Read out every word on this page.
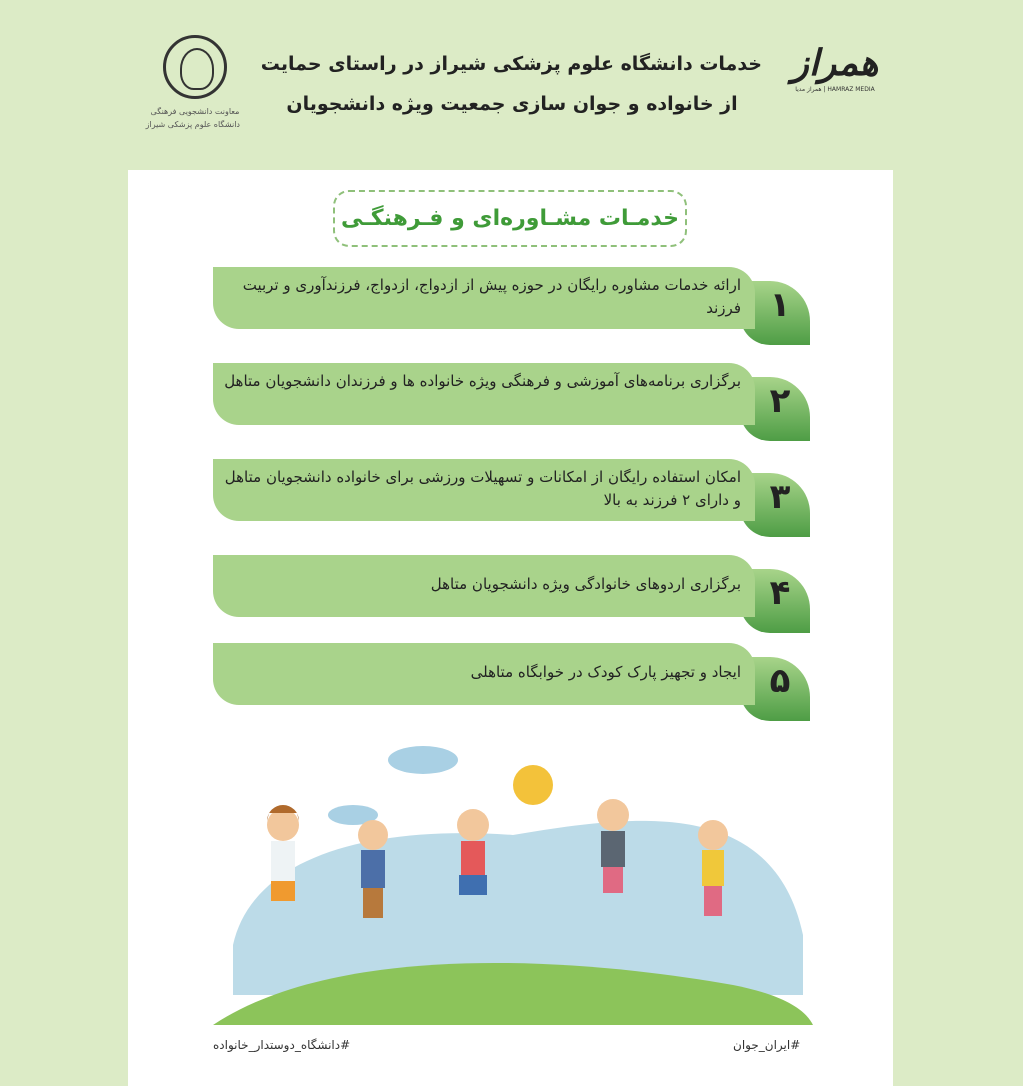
خدمات دانشگاه علوم پزشکی شیراز در راستای حمایت
از خانواده و جوان سازی جمعیت ویژه دانشجویان
همراز
HAMRAZ MEDIA | همراز مدیا
معاونت دانشجویی فرهنگی
دانشگاه علوم پزشکی شیراز
خدمـات مشـاوره‌ای و فـرهنگـی
ارائه خدمات مشاوره رایگان در حوزه پیش از ازدواج، ازدواج، فرزندآوری و تربیت فرزند ۱
برگزاری برنامه‌های آموزشی و فرهنگی ویژه خانواده ها و فرزندان دانشجویان متاهل ۲
امکان استفاده رایگان از امکانات و تسهیلات ورزشی برای خانواده دانشجویان متاهل و دارای ۲ فرزند به بالا ۳
برگزاری اردوهای خانوادگی ویژه دانشجویان متاهل ۴
ایجاد و تجهیز پارک کودک در خوابگاه متاهلی ۵
#دانشگاه_دوستدار_خانواده	#ایران_جوان
